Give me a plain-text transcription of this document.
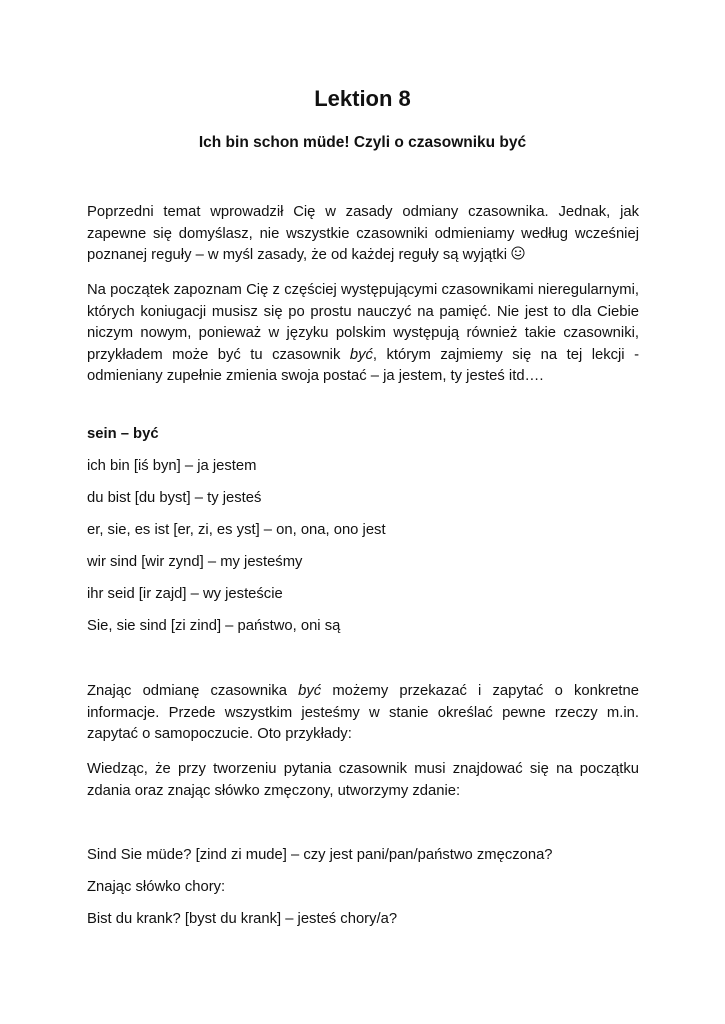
Lektion 8
Ich bin schon müde! Czyli o czasowniku być

Poprzedni temat wprowadził Cię w zasady odmiany czasownika. Jednak, jak zapewne się domyślasz, nie wszystkie czasowniki odmieniamy według wcześniej poznanej reguły – w myśl zasady, że od każdej reguły są wyjątki

Na początek zapoznam Cię z częściej występującymi czasownikami nieregularnymi, których koniugacji musisz się po prostu nauczyć na pamięć. Nie jest to dla Ciebie niczym nowym, ponieważ w języku polskim występują również takie czasowniki, przykładem może być tu czasownik być, którym zajmiemy się na tej lekcji - odmieniany zupełnie zmienia swoja postać – ja jestem, ty jesteś itd….

sein – być

ich bin [iś byn] – ja jestem

du bist [du byst] – ty jesteś

er, sie, es ist [er, zi, es yst] – on, ona, ono jest

wir sind [wir zynd] – my jesteśmy

ihr seid [ir zajd] – wy jesteście

Sie, sie sind [zi zind] – państwo, oni są

Znając odmianę czasownika być możemy przekazać i zapytać o konkretne informacje. Przede wszystkim jesteśmy w stanie określać pewne rzeczy m.in. zapytać o samopoczucie. Oto przykłady:

Wiedząc, że przy tworzeniu pytania czasownik musi znajdować się na początku zdania oraz znając słówko zmęczony, utworzymy zdanie:

Sind Sie müde? [zind zi mude] – czy jest pani/pan/państwo zmęczona?

Znając słówko chory:

Bist du krank? [byst du krank] – jesteś chory/a?
